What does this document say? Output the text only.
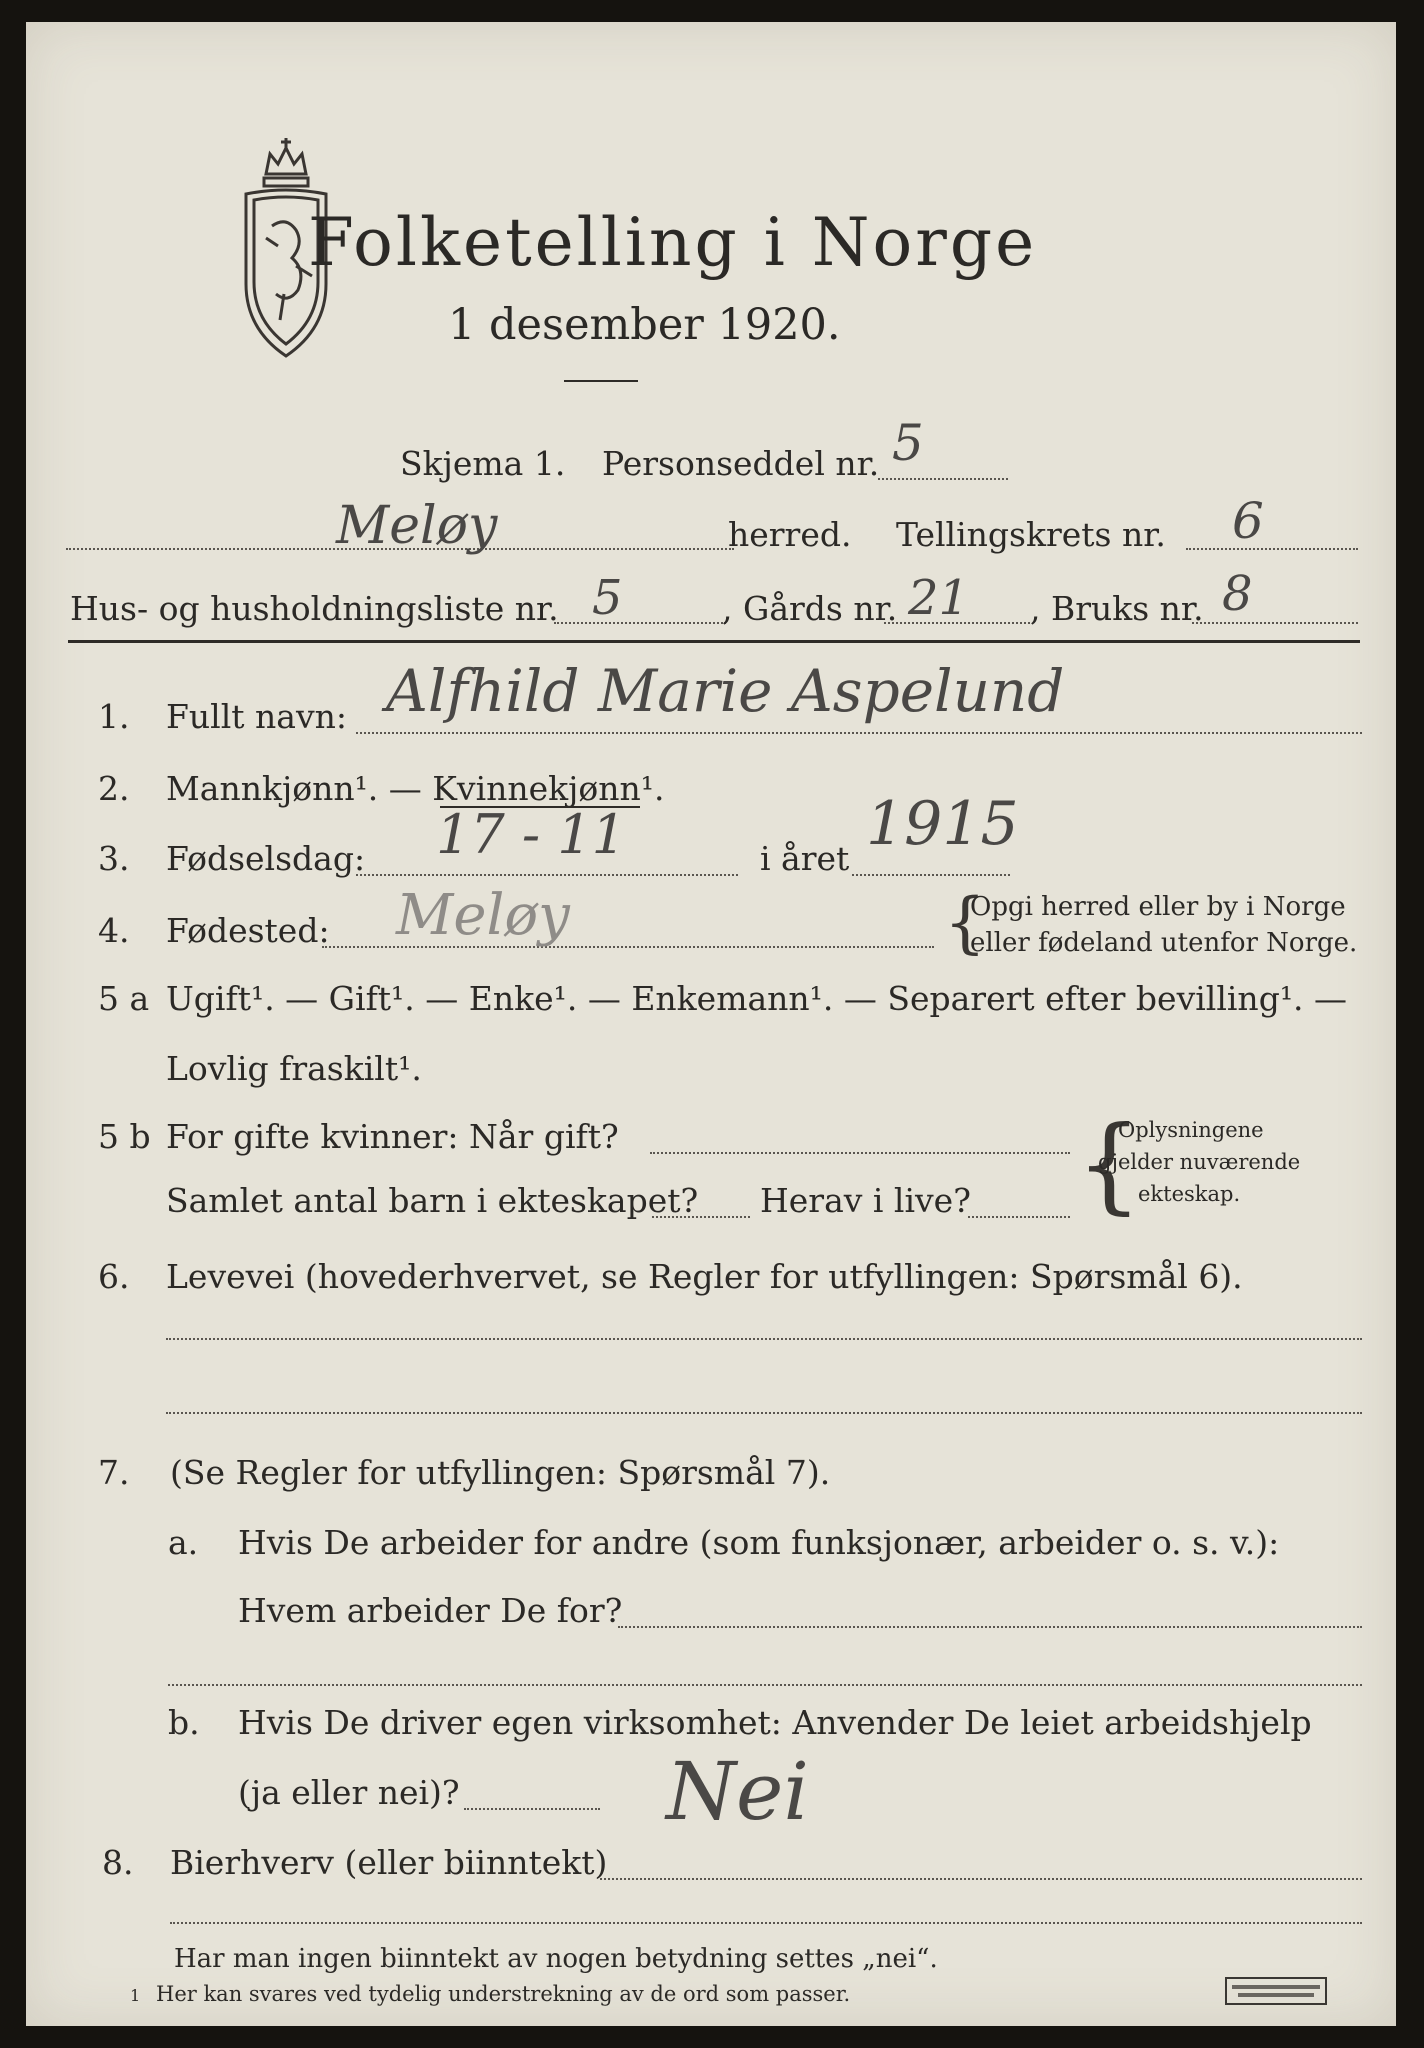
Folketelling i Norge
1 desember 1920.
Skjema 1. Personseddel nr. 5
Meløy	herred. Tellingskrets nr. 6
Hus- og husholdningsliste nr. 5	, Gårds nr. 21 , Bruks nr. 8
1. Fullt navn: Alfhild Marie Aspelund
2. Mannkjønn¹. — Kvinnekjønn¹.
3. Fødselsdag: 17 - 11	i året 1915
4. Fødested: Meløy	{
Opgi herred eller by i Norge
eller fødeland utenfor Norge.
5 a Ugift¹. — Gift¹. — Enke¹. — Enkemann¹. — Separert efter bevilling¹. —
Lovlig fraskilt¹.
5 b For gifte kvinner: Når gift?
Samlet antal barn i ekteskapet? Herav i live? {
Oplysningene
gjelder nuværende
ekteskap.
6. Levevei (hovederhvervet, se Regler for utfyllingen: Spørsmål 6).
7. (Se Regler for utfyllingen: Spørsmål 7).
a. Hvis De arbeider for andre (som funksjonær, arbeider o. s. v.):
Hvem arbeider De for?
b. Hvis De driver egen virksomhet: Anvender De leiet arbeidshjelp
(ja eller nei)?
8. Bierhverv (eller biinntekt)
Nei
Har man ingen biinntekt av nogen betydning settes „nei“.
1 Her kan svares ved tydelig understrekning av de ord som passer.
